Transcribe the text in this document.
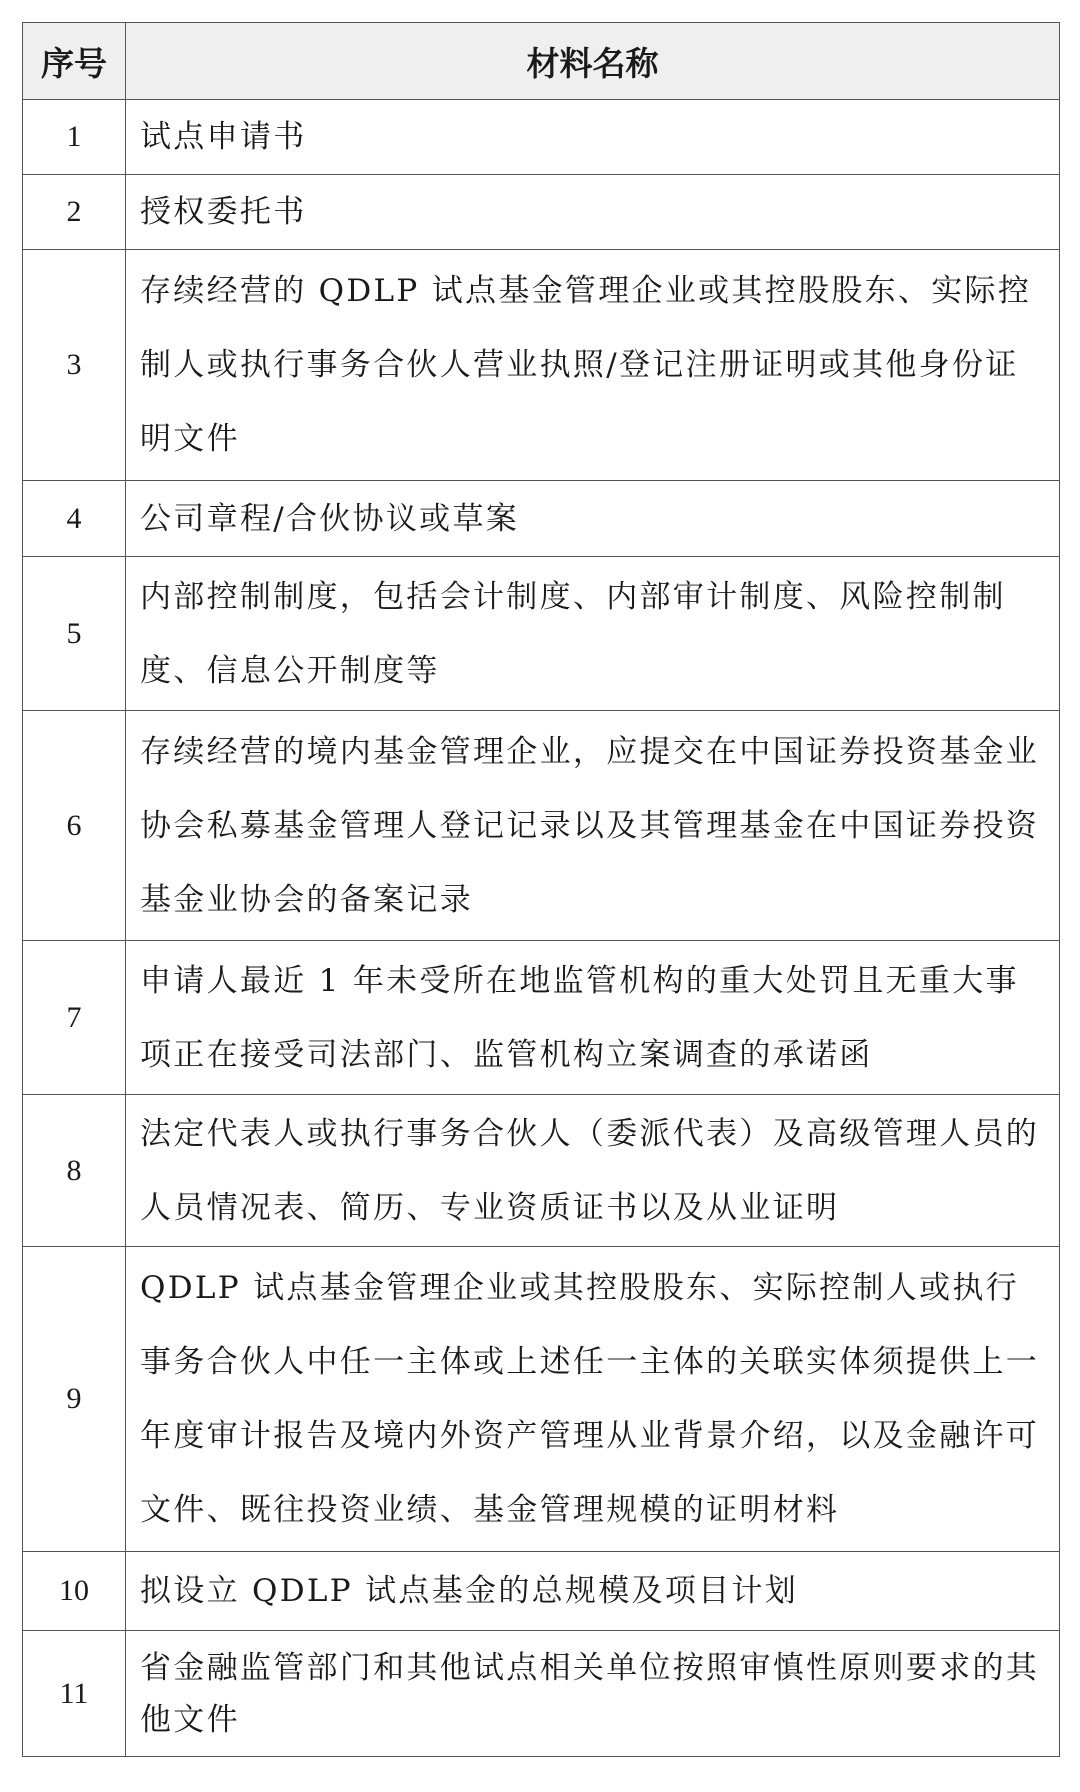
序号	材料名称
1	试点申请书
2	授权委托书
3	存续经营的 QDLP 试点基金管理企业或其控股股东、实际控制人或执行事务合伙人营业执照/登记注册证明或其他身份证明文件
4	公司章程/合伙协议或草案
5	内部控制制度，包括会计制度、内部审计制度、风险控制制度、信息公开制度等
6	存续经营的境内基金管理企业，应提交在中国证券投资基金业协会私募基金管理人登记记录以及其管理基金在中国证券投资基金业协会的备案记录
7	申请人最近 1 年未受所在地监管机构的重大处罚且无重大事项正在接受司法部门、监管机构立案调查的承诺函
8	法定代表人或执行事务合伙人（委派代表）及高级管理人员的人员情况表、简历、专业资质证书以及从业证明
9	QDLP 试点基金管理企业或其控股股东、实际控制人或执行事务合伙人中任一主体或上述任一主体的关联实体须提供上一年度审计报告及境内外资产管理从业背景介绍，以及金融许可文件、既往投资业绩、基金管理规模的证明材料
10	拟设立 QDLP 试点基金的总规模及项目计划
11	省金融监管部门和其他试点相关单位按照审慎性原则要求的其他文件
